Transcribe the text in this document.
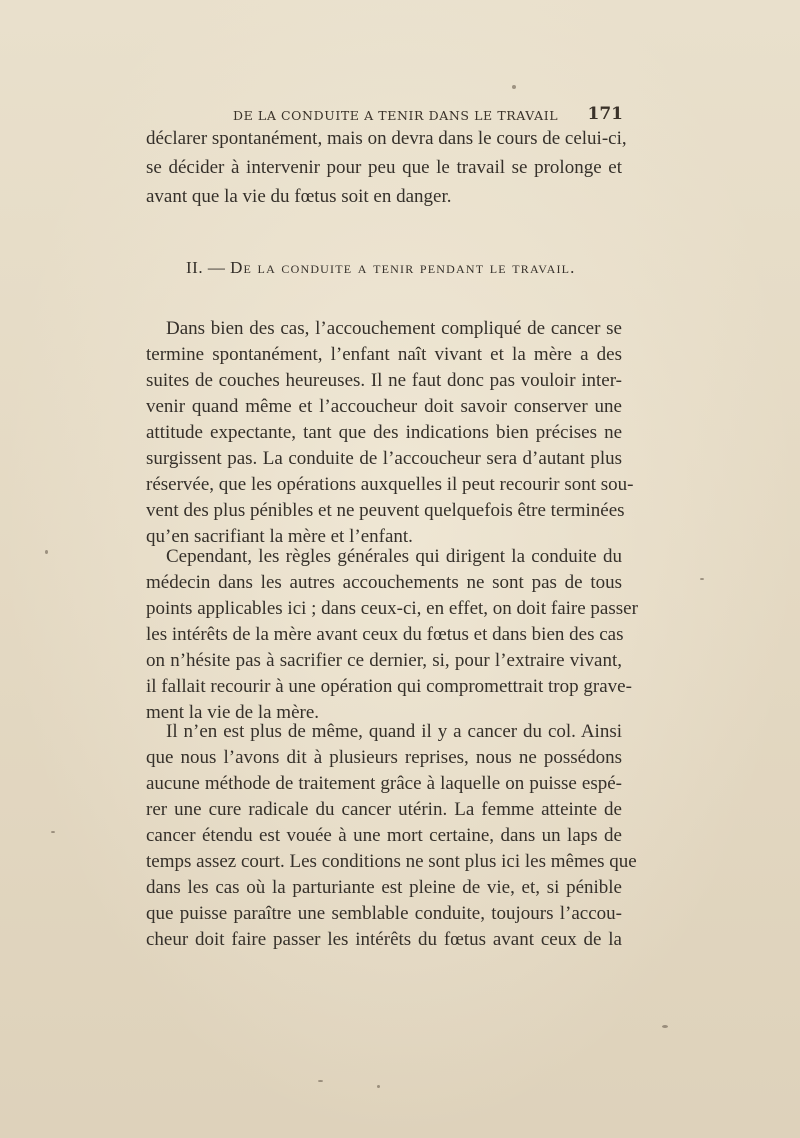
DE LA CONDUITE A TENIR DANS LE TRAVAIL 171
déclarer spontanément, mais on devra dans le cours de celui-ci,
se décider à intervenir pour peu que le travail se prolonge et
avant que la vie du fœtus soit en danger.
II. — De la conduite a tenir pendant le travail.
Dans bien des cas, l’accouchement compliqué de cancer se
termine spontanément, l’enfant naît vivant et la mère a des
suites de couches heureuses. Il ne faut donc pas vouloir inter-
venir quand même et l’accoucheur doit savoir conserver une
attitude expectante, tant que des indications bien précises ne
surgissent pas. La conduite de l’accoucheur sera d’autant plus
réservée, que les opérations auxquelles il peut recourir sont sou-
vent des plus pénibles et ne peuvent quelquefois être terminées
qu’en sacrifiant la mère et l’enfant.
Cependant, les règles générales qui dirigent la conduite du
médecin dans les autres accouchements ne sont pas de tous
points applicables ici ; dans ceux-ci, en effet, on doit faire passer
les intérêts de la mère avant ceux du fœtus et dans bien des cas
on n’hésite pas à sacrifier ce dernier, si, pour l’extraire vivant,
il fallait recourir à une opération qui compromettrait trop grave-
ment la vie de la mère.
Il n’en est plus de même, quand il y a cancer du col. Ainsi
que nous l’avons dit à plusieurs reprises, nous ne possédons
aucune méthode de traitement grâce à laquelle on puisse espé-
rer une cure radicale du cancer utérin. La femme atteinte de
cancer étendu est vouée à une mort certaine, dans un laps de
temps assez court. Les conditions ne sont plus ici les mêmes que
dans les cas où la parturiante est pleine de vie, et, si pénible
que puisse paraître une semblable conduite, toujours l’accou-
cheur doit faire passer les intérêts du fœtus avant ceux de la
